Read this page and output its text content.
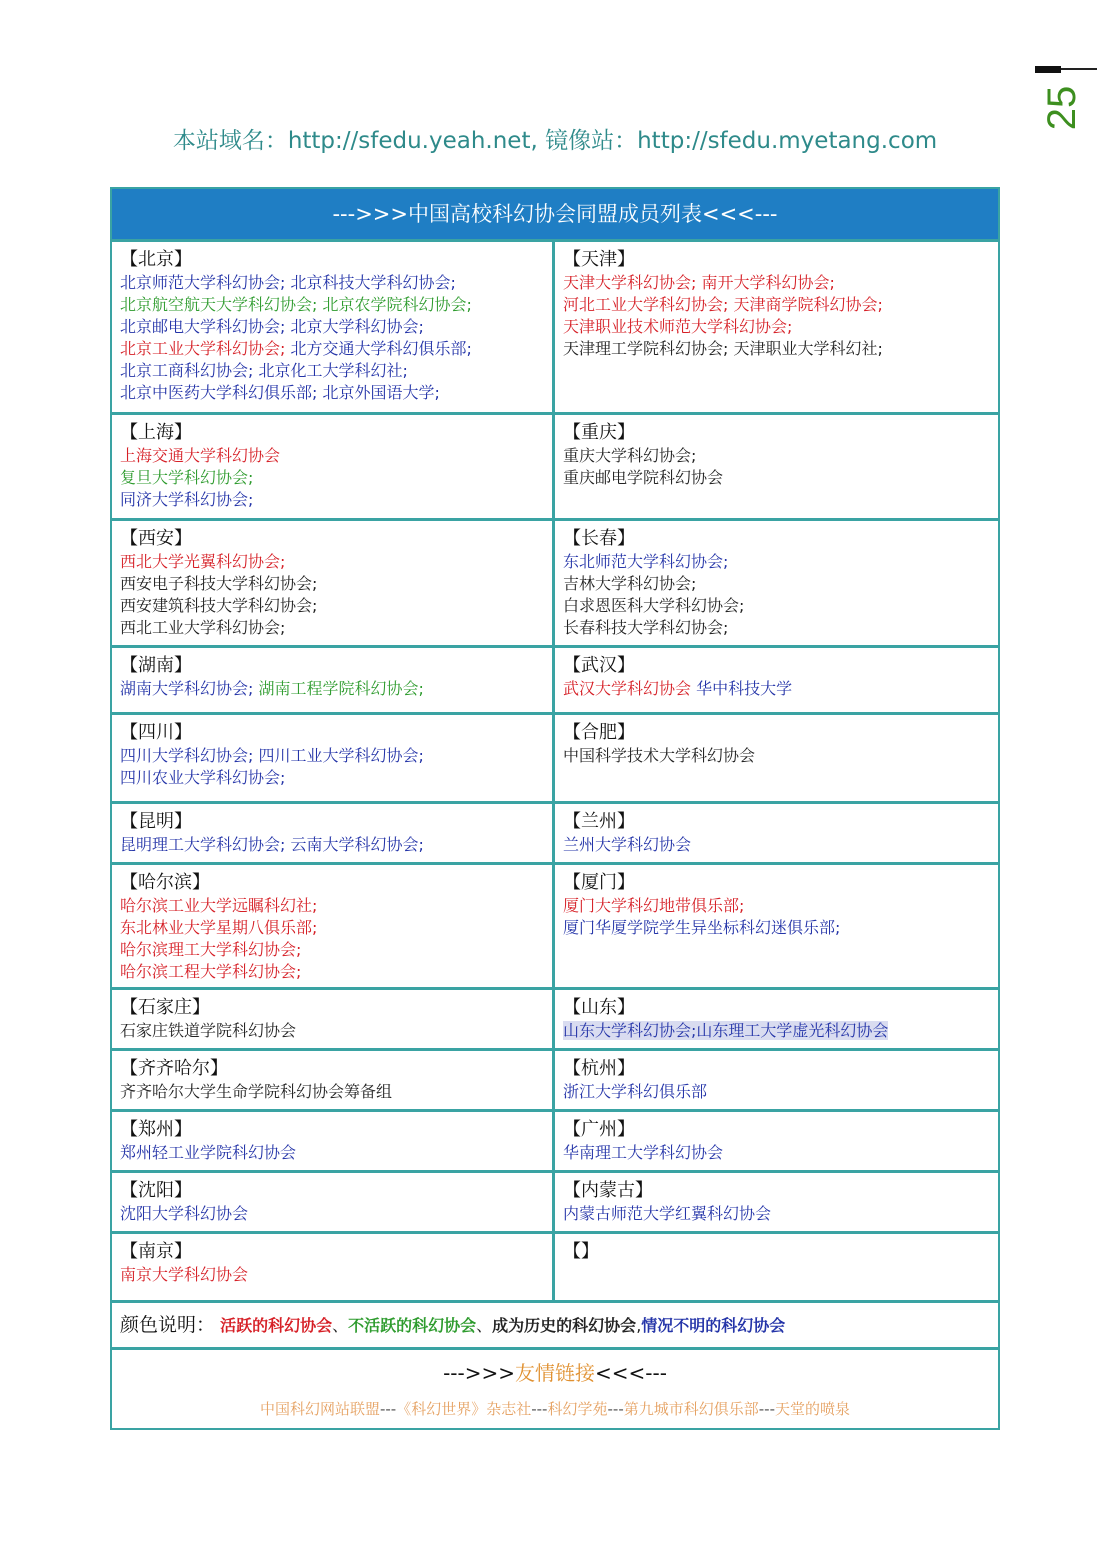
25
本站域名：http://sfedu.yeah.net, 镜像站：http://sfedu.myetang.com
--->>>中国高校科幻协会同盟成员列表<<<---
【北京】
北京师范大学科幻协会; 北京科技大学科幻协会;
北京航空航天大学科幻协会; 北京农学院科幻协会;
北京邮电大学科幻协会; 北京大学科幻协会;
北京工业大学科幻协会; 北方交通大学科幻俱乐部;
北京工商科幻协会; 北京化工大学科幻社;
北京中医药大学科幻俱乐部; 北京外国语大学;
【天津】
天津大学科幻协会; 南开大学科幻协会;
河北工业大学科幻协会; 天津商学院科幻协会;
天津职业技术师范大学科幻协会;
天津理工学院科幻协会; 天津职业大学科幻社;
【上海】
上海交通大学科幻协会
复旦大学科幻协会;
同济大学科幻协会;
【重庆】
重庆大学科幻协会;
重庆邮电学院科幻协会
【西安】
西北大学光翼科幻协会;
西安电子科技大学科幻协会;
西安建筑科技大学科幻协会;
西北工业大学科幻协会;
【长春】
东北师范大学科幻协会;
吉林大学科幻协会;
白求恩医科大学科幻协会;
长春科技大学科幻协会;
【湖南】
湖南大学科幻协会; 湖南工程学院科幻协会;
【武汉】
武汉大学科幻协会 华中科技大学
【四川】
四川大学科幻协会; 四川工业大学科幻协会;
四川农业大学科幻协会;
【合肥】
中国科学技术大学科幻协会
【昆明】
昆明理工大学科幻协会; 云南大学科幻协会;
【兰州】
兰州大学科幻协会
【哈尔滨】
哈尔滨工业大学远瞩科幻社;
东北林业大学星期八俱乐部;
哈尔滨理工大学科幻协会;
哈尔滨工程大学科幻协会;
【厦门】
厦门大学科幻地带俱乐部;
厦门华厦学院学生异坐标科幻迷俱乐部;
【石家庄】
石家庄铁道学院科幻协会
【山东】
山东大学科幻协会;山东理工大学虚光科幻协会
【齐齐哈尔】
齐齐哈尔大学生命学院科幻协会筹备组
【杭州】
浙江大学科幻俱乐部
【郑州】
郑州轻工业学院科幻协会
【广州】
华南理工大学科幻协会
【沈阳】
沈阳大学科幻协会
【内蒙古】
内蒙古师范大学红翼科幻协会
【南京】
南京大学科幻协会
【】
颜色说明： 活跃的科幻协会、不活跃的科幻协会、成为历史的科幻协会,情况不明的科幻协会
--->>>友情链接<<<---
中国科幻网站联盟---《科幻世界》杂志社---科幻学苑---第九城市科幻俱乐部---天堂的喷泉
